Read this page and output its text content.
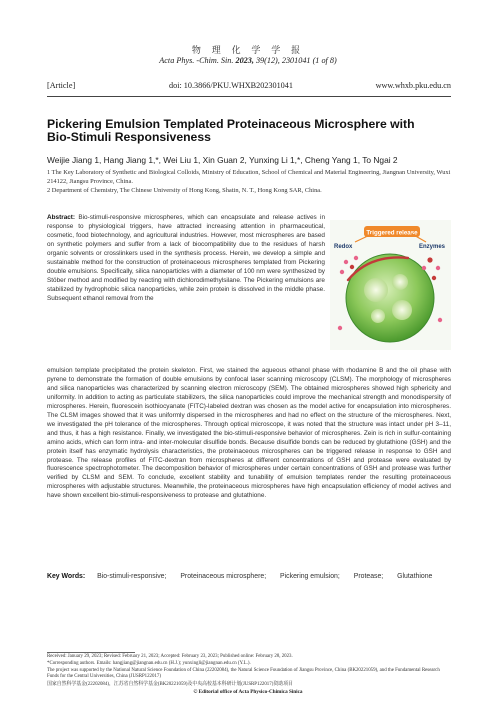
物 理 化 学 学 报
Acta Phys. -Chim. Sin. 2023, 39(12), 2301041 (1 of 8)
[Article]	doi: 10.3866/PKU.WHXB202301041	www.whxb.pku.edu.cn
Pickering Emulsion Templated Proteinaceous Microsphere with
Bio-Stimuli Responsiveness
Weijie Jiang 1, Hang Jiang 1,*, Wei Liu 1, Xin Guan 2, Yunxing Li 1,*, Cheng Yang 1, To Ngai 2
1 The Key Laboratory of Synthetic and Biological Colloids, Ministry of Education, School of Chemical and Material Engineering, Jiangnan University, Wuxi 214122, Jiangsu Province, China.
2 Department of Chemistry, The Chinese University of Hong Kong, Shatin, N. T., Hong Kong SAR, China.
Abstract: Bio-stimuli-responsive microspheres, which can encapsulate and release actives in response to physiological triggers, have attracted increasing attention in pharmaceutical, cosmetic, food biotechnology, and agricultural industries. However, most microspheres are based on synthetic polymers and suffer from a lack of biocompatibility due to the residues of harsh organic solvents or crosslinkers used in the synthesis process. Herein, we develop a simple and sustainable method for the construction of proteinaceous microspheres templated from Pickering double emulsions. Specifically, silica nanoparticles with a diameter of 100 nm were synthesized by Stöber method and modified by reacting with dichlorodimethylsilane. The Pickering emulsions are stabilized by hydrophobic silica nanoparticles, while zein protein is dissolved in the middle phase. Subsequent ethanol removal from the
Triggered release
Redox	Enzymes
emulsion template precipitated the protein skeleton. First, we stained the aqueous ethanol phase with rhodamine B and the oil phase with pyrene to demonstrate the formation of double emulsions by confocal laser scanning microscopy (CLSM). The morphology of microspheres and silica nanoparticles was characterized by scanning electron microscopy (SEM). The obtained microspheres showed high sphericity and uniformity. In addition to acting as particulate stabilizers, the silica nanoparticles could improve the mechanical strength and monodispersity of microspheres. Herein, fluorescein isothiocyanate (FITC)-labeled dextran was chosen as the model active for encapsulation into microspheres. The CLSM images showed that it was uniformly dispersed in the microspheres and had no effect on the structure of the microspheres. Next, we investigated the pH tolerance of the microspheres. Through optical microscope, it was noted that the structure was intact under pH 3–11, and thus, it has a high resistance. Finally, we investigated the bio-stimuli-responsive behavior of microspheres. Zein is rich in sulfur-containing amino acids, which can form intra- and inter-molecular disulfide bonds. Because disulfide bonds can be reduced by glutathione (GSH) and the protein itself has enzymatic hydrolysis characteristics, the proteinaceous microspheres can be triggered release in response to GSH and protease. The release profiles of FITC-dextran from microspheres at different concentrations of GSH and protease were evaluated by fluorescence spectrophotometer. The decomposition behavior of microspheres under certain concentrations of GSH and protease was further verified by CLSM and SEM. To conclude, excellent stability and tunability of emulsion templates render the resulting proteinaceous microspheres with adjustable structures. Meanwhile, the proteinaceous microspheres have high encapsulation efficiency of model actives and have shown excellent bio-stimuli-responsiveness to protease and glutathione.
Key Words: Bio-stimuli-responsive; Proteinaceous microsphere; Pickering emulsion; Protease; Glutathione
Received: January 29, 2023; Revised: February 21, 2023; Accepted: February 23, 2023; Published online: February 28, 2023.
*Corresponding authors. Emails: hangjiang@jiangnan.edu.cn (H.J.); yunxingli@jiangnan.edu.cn (Y.L.).
The project was supported by the National Natural Science Foundation of China (22202084), the Natural Science Foundation of Jiangsu Province, China (BK20221059), and the Fundamental Research Funds for the Central Universities, China (JUSRP122017)
国家自然科学基金(22202084)，江苏省自然科学基金(BK20221059)及中央高校基本科研计划(JUSRP122017)资助项目
© Editorial office of Acta Physico-Chimica Sinica
